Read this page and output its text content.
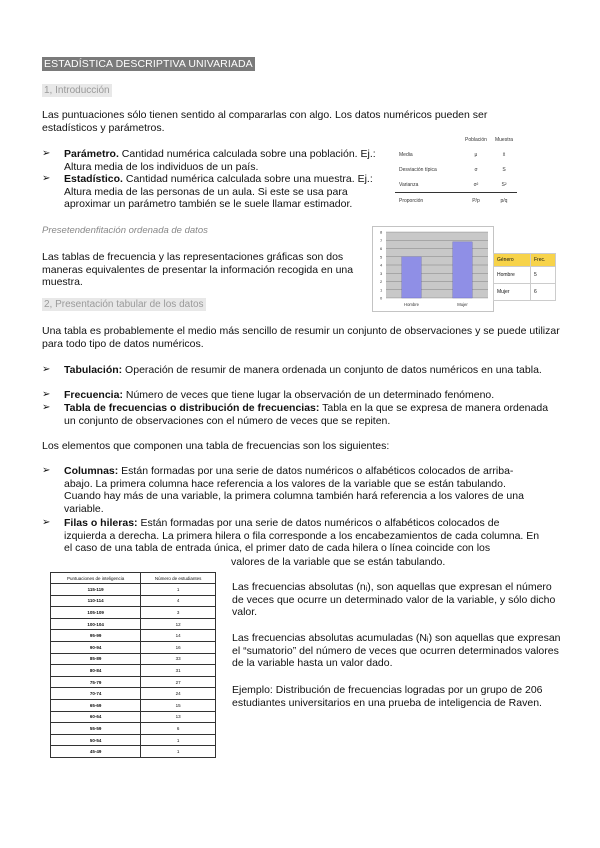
ESTADÍSTICA DESCRIPTIVA UNIVARIADA
1, Introducción
Las puntuaciones sólo tienen sentido al compararlas con algo. Los datos numéricos pueden ser estadísticos y parámetros.
➢ Parámetro. Cantidad numérica calculada sobre una población. Ej.: Altura media de los individuos de un país.
➢ Estadístico. Cantidad numérica calculada sobre una muestra. Ej.: Altura media de las personas de un aula. Si este se usa para aproximar un parámetro también se le suele llamar estimador.
	Población	Muestra
Media	μ	x̄
Desviación típica	σ	S
Varianza	σ²	S²
Proporción	P/p	p/q
Presetendenfitación ordenada de datos
Las tablas de frecuencia y las representaciones gráficas son dos maneras equivalentes de presentar la información recogida en una muestra.
0
1
2
3
4
5
6
7
8
Hombre	Mujer
Género	Frec.
Hombre	5
Mujer	6
2, Presentación tabular de los datos
Una tabla es probablemente el medio más sencillo de resumir un conjunto de observaciones y se puede utilizar para todo tipo de datos numéricos.
➢ Tabulación: Operación de resumir de manera ordenada un conjunto de datos numéricos en una tabla.
➢ Frecuencia: Número de veces que tiene lugar la observación de un determinado fenómeno.
➢ Tabla de frecuencias o distribución de frecuencias: Tabla en la que se expresa de manera ordenada un conjunto de observaciones con el número de veces que se repiten.
Los elementos que componen una tabla de frecuencias son los siguientes:
➢ Columnas: Están formadas por una serie de datos numéricos o alfabéticos colocados de arriba-abajo. La primera columna hace referencia a los valores de la variable que se están tabulando. Cuando hay más de una variable, la primera columna también hará referencia a los valores de una variable.
➢ Filas o hileras: Están formadas por una serie de datos numéricos o alfabéticos colocados de izquierda a derecha. La primera hilera o fila corresponde a los encabezamientos de cada columna. En el caso de una tabla de entrada única, el primer dato de cada hilera o línea coincide con los
valores de la variable que se están tabulando.
Puntuaciones de inteligencia	Número de estudiantes
115-119	1
110-114	4
105-109	3
100-104	12
95-99	14
90-94	16
85-89	33
80-84	31
75-79	27
70-74	24
65-69	15
60-64	13
55-59	6
50-54	1
45-49	1
Las frecuencias absolutas (nᵢ), son aquellas que expresan el número de veces que ocurre un determinado valor de la variable, y sólo dicho valor.
Las frecuencias absolutas acumuladas (Nᵢ) son aquellas que expresan el “sumatorio” del número de veces que ocurren determinados valores de la variable hasta un valor dado.
Ejemplo: Distribución de frecuencias logradas por un grupo de 206 estudiantes universitarios en una prueba de inteligencia de Raven.
